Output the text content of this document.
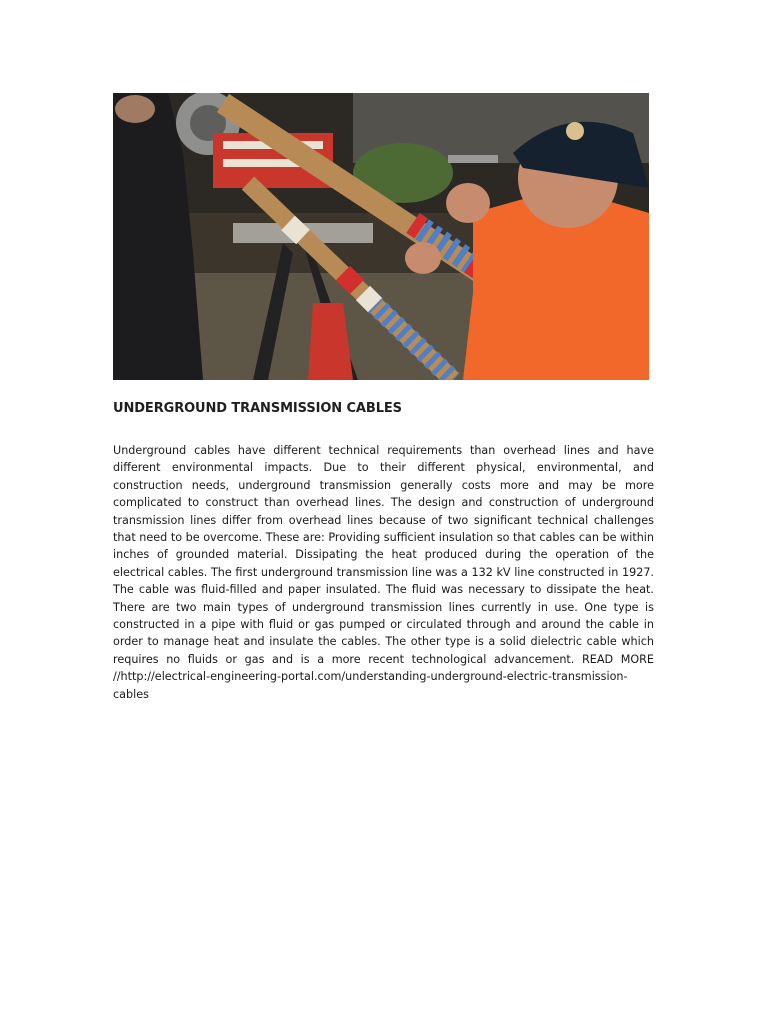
UNDERGROUND TRANSMISSION CABLES

Underground cables have different technical requirements than overhead lines and have different environmental impacts. Due to their different physical, environmental, and construction needs, underground transmission generally costs more and may be more complicated to construct than overhead lines. The design and construction of underground transmission lines differ from overhead lines because of two significant technical challenges that need to be overcome. These are: Providing sufficient insulation so that cables can be within inches of grounded material. Dissipating the heat produced during the operation of the electrical cables. The first underground transmission line was a 132 kV line constructed in 1927. The cable was fluid-filled and paper insulated. The fluid was necessary to dissipate the heat. There are two main types of underground transmission lines currently in use. One type is constructed in a pipe with fluid or gas pumped or circulated through and around the cable in order to manage heat and insulate the cables. The other type is a solid dielectric cable which requires no fluids or gas and is a more recent technological advancement. READ MORE //http://electrical-engineering-portal.com/understanding-underground-electric-transmission-cables
